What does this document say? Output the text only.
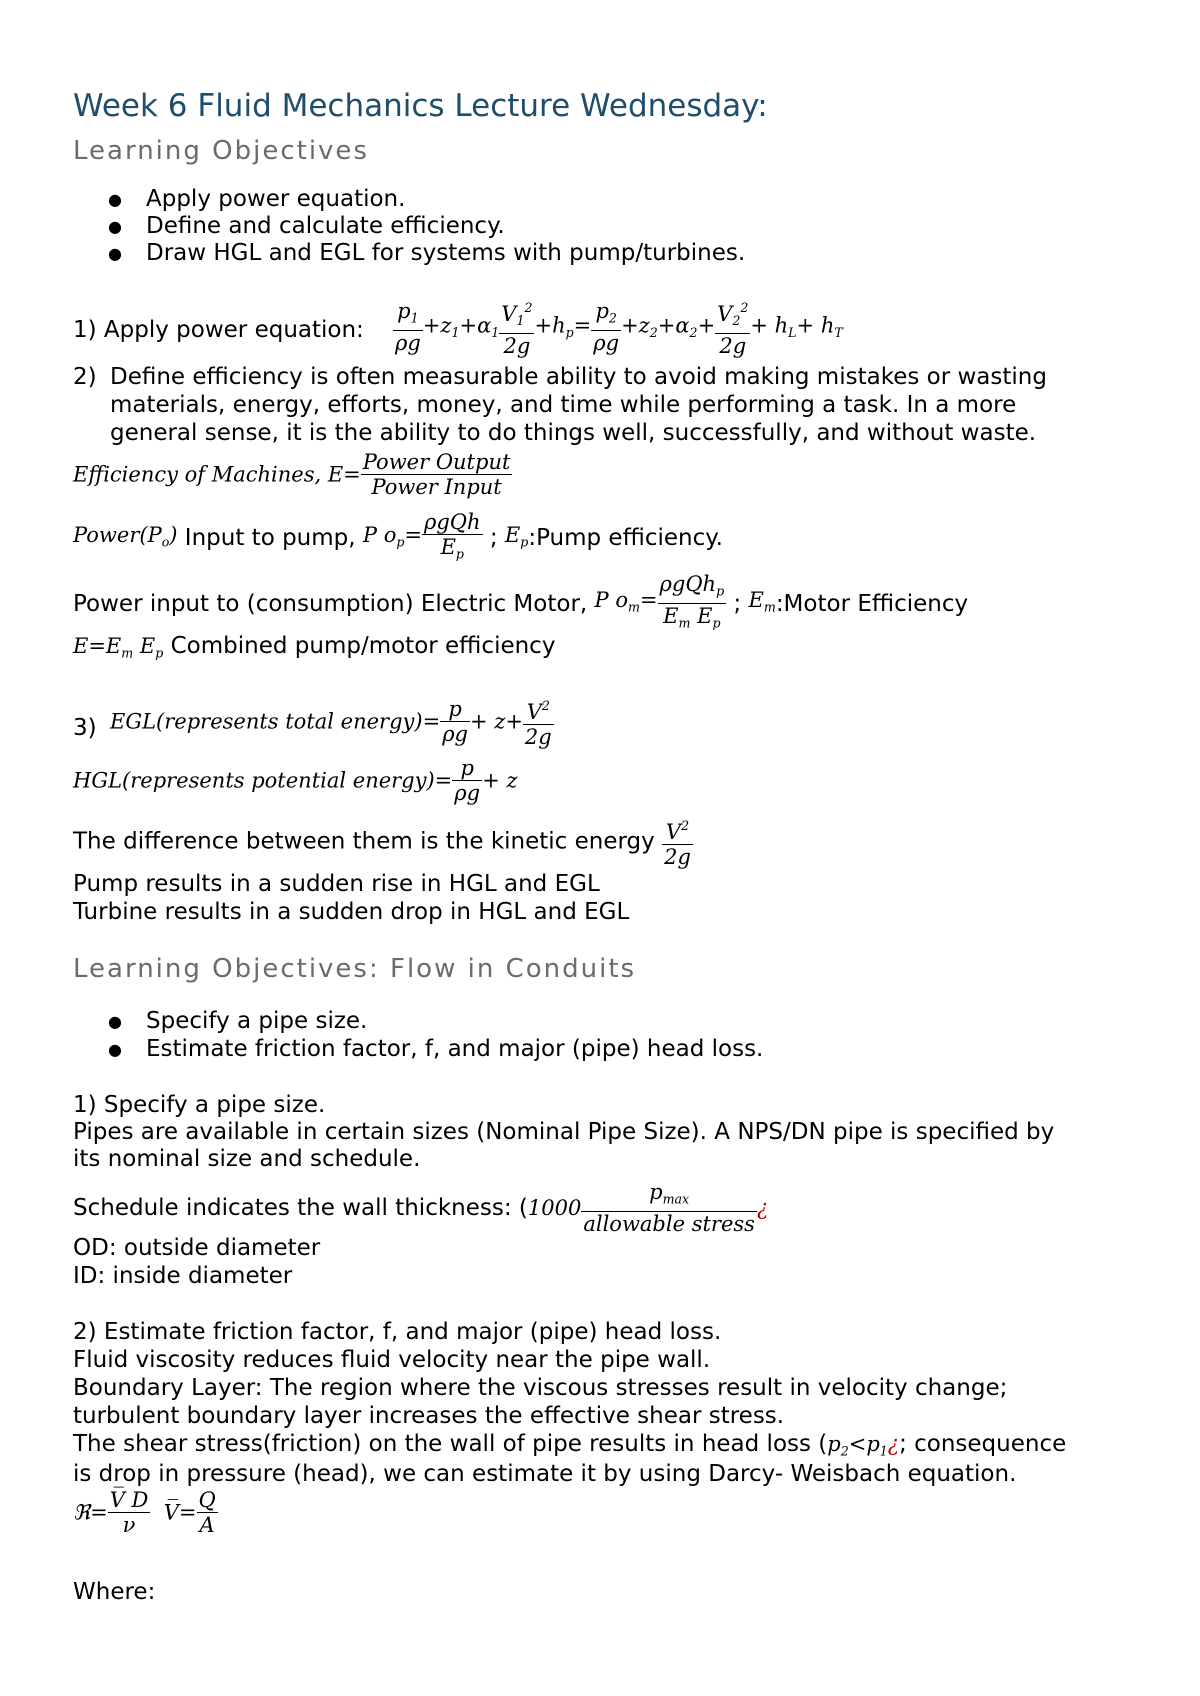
Week 6 Fluid Mechanics Lecture Wednesday:
Learning Objectives
● Apply power equation.
● Define and calculate efficiency.
● Draw HGL and EGL for systems with pump/turbines.
1) Apply power equation: $\frac{p_1}{\rho g} +z_1+\alpha_1 \frac{V_1^2}{2g} +h_p= \frac{p_2}{\rho g} +z_2+\alpha_2+ \frac{V_2^2}{2g} + h_L+ h_T$
2) Define efficiency is often measurable ability to avoid making mistakes or wasting
materials, energy, efforts, money, and time while performing a task. In a more
general sense, it is the ability to do things well, successfully, and without waste.
Efficiency of Machines, $E= \frac{\text{Power Output}}{\text{Power Input}}$
$Power(P_o)$ Input to pump, P $o_p= \frac{\text{ρgQh}}{E_p}$ ; $E_p:Pump$ efficiency.
Power input to (consumption) Electric Motor, P $o_m= \frac{\rho gQh_p}{E_m E_p}$ ; $E_m:Motor$ Efficiency
$E=E_m$ $E_p$ Combined pump/motor efficiency
3) EGL(represents total energy)= $\frac{p}{\rho g} + z+ \frac{V^2}{2g}$
HGL(represents potential energy)= $\frac{p}{\rho g} + z$
The difference between them is the kinetic energy $\frac{V^2}{2g}$
Pump results in a sudden rise in HGL and EGL
Turbine results in a sudden drop in HGL and EGL
Learning Objectives: Flow in Conduits
● Specify a pipe size.
● Estimate friction factor, f, and major (pipe) head loss.
1) Specify a pipe size.
Pipes are available in certain sizes (Nominal Pipe Size). A NPS/DN pipe is specified by
its nominal size and schedule.
Schedule indicates the wall thickness: ($1000 \frac{p_{max}}{\text{allowable stress}}$ ¿
OD: outside diameter
ID: inside diameter
2) Estimate friction factor, f, and major (pipe) head loss.
Fluid viscosity reduces fluid velocity near the pipe wall.
Boundary Layer: The region where the viscous stresses result in velocity change;
turbulent boundary layer increases the effective shear stress.
The shear stress(friction) on the wall of pipe results in head loss ($p_2<p_1¿$; consequence
is drop in pressure (head), we can estimate it by using Darcy- Weisbach equation.
ℜ= $\frac{V̅ D}{\nu}$ V̅= $\frac{Q}{A}$
Where:
